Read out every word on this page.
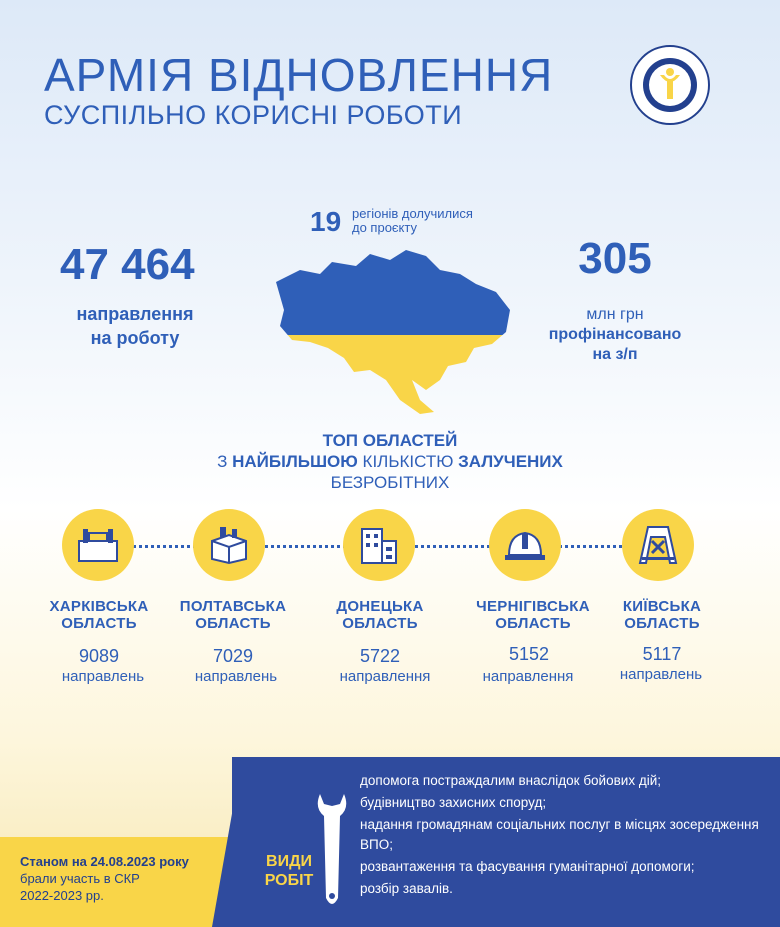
АРМІЯ ВІДНОВЛЕННЯ
СУСПІЛЬНО КОРИСНІ РОБОТИ
47 464
направлення
на роботу
19 регіонів долучилися
до проєкту
305
млн грн
профінансовано
на з/п
ТОП ОБЛАСТЕЙ
З НАЙБІЛЬШОЮ КІЛЬКІСТЮ ЗАЛУЧЕНИХ
БЕЗРОБІТНИХ
ХАРКІВСЬКА
ОБЛАСТЬ
9089
направлень
ПОЛТАВСЬКА
ОБЛАСТЬ
7029
направлень
ДОНЕЦЬКА
ОБЛАСТЬ
5722
направлення
ЧЕРНІГІВСЬКА
ОБЛАСТЬ
5152
направлення
КИЇВСЬКА
ОБЛАСТЬ
5117
направлень
Станом на 24.08.2023 року
брали участь в СКР
2022-2023 рр.
ВИДИ
РОБІТ
допомога постраждалим внаслідок бойових дій;
будівництво захисних споруд;
надання громадянам соціальних послуг в місцях зосередження ВПО;
розвантаження та фасування гуманітарної допомоги;
розбір завалів.
